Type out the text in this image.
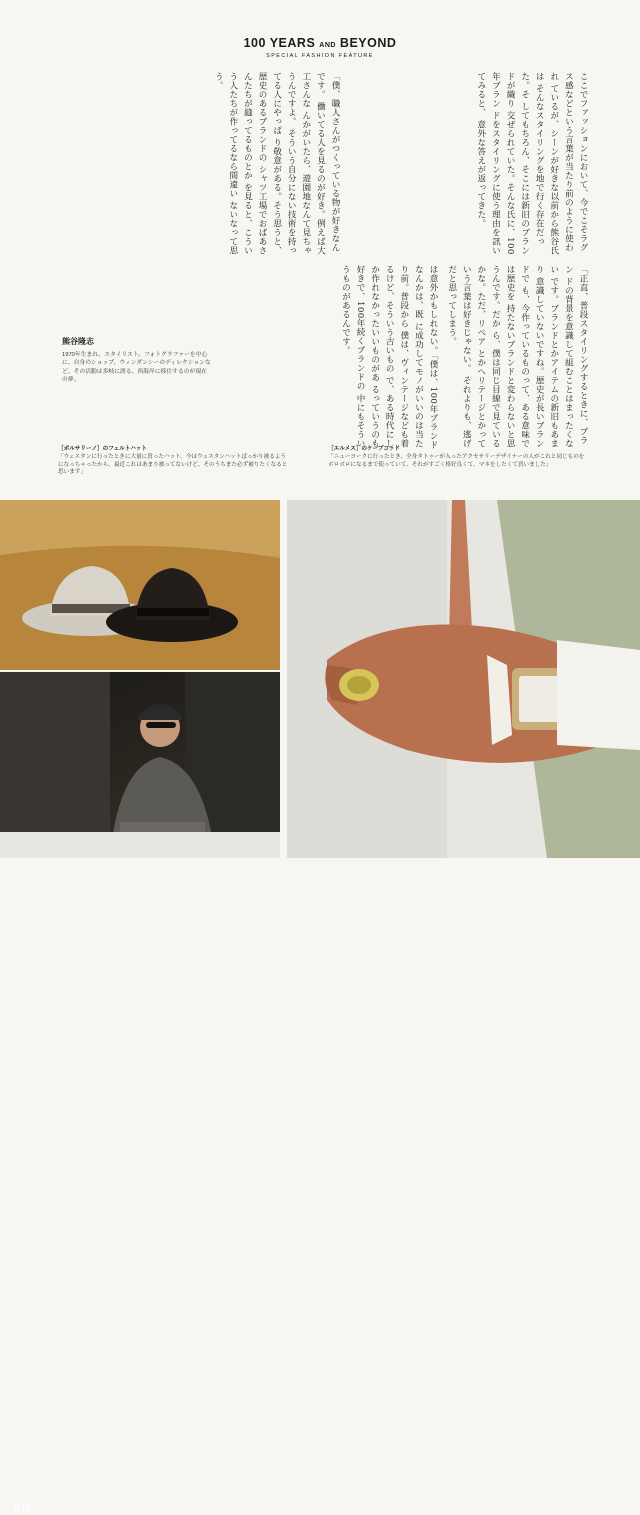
100 YEARS AND BEYOND
SPECIAL FASHION FEATURE
ここでファッションにおいて、今でこそラグ ス感などという言葉が当たり前のように使われ ているが、シーンが好きな以前から熊谷氏は そんなスタイリングを地で行く存在だった。そ してもちろん、そこには新旧のブランドが織り 交ぜられていた。そんな氏に、100年ブラン ドをスタイリングに使う理由を訊いてみると、 意外な答えが返ってきた。
「正直、普段スタイリングするときに、ブラン ドの背景を意識して組むことはまったくない です。ブランドとかアイテムの新旧もあまり 意識していないですね。歴史が長いブランドで も、今作っているものって、ある意味では歴史を 持たないブランドと変わらないと思うんです。だか ら、僕は同じ目線で見ているかな。ただ、リペア とかヘリテージとかっていう言葉は好きじゃない。 それよりも、逃げだと思ってしまう。
「僕、職人さんがつくっている物が好きなんです。 働いてる人を見るのが好き。例えば大工さんな んかがいたら、遊園地なんて見ちゃうんですよ。 そういう自分にない技術を持ってる人にやっぱ り敬意がある。そう思うと、歴史のあるブランドの シャツ工場でおばあさんたちが縫ってるものとか を見ると、こういう人たちが作ってるなら間違い ないなって思う。
は意外かもしれない。「僕は、100年ブランドなんかは、既 に成功してモノがいいのは当たり前。普段から 僕は、ヴィンテージなども着るけど、そういう古いもの で、ある時代にしか作れなかったいいものがあ るっていうのも好きで、100年続くブランドの 中にもそういうものがあるんです。
熊谷隆志
1970年生まれ。スタイリスト、フォトグラファーを中心に、自身のショップ、ウィンダンシーのディレクションなど、その活動は多岐に渡る。西海岸に移住するのが現在の夢。
［ボルサリーノ］のフェルトハット
「ウェスタンに行ったときに大量に買ったハット。今はウェスタンハットばっかり被るようになっちゃったから、最近これはあまり被ってないけど、そのうちまた必ず被りたくなると思います」
［エルメス］のケープコッド
「ニューヨークに行ったとき、全身タトゥーが入ったアクセサリーデザイナーの人がこれと同じものをボロボロになるまで使っていて。それがすごく格好良くて、マネをしたくて買いました」
049
